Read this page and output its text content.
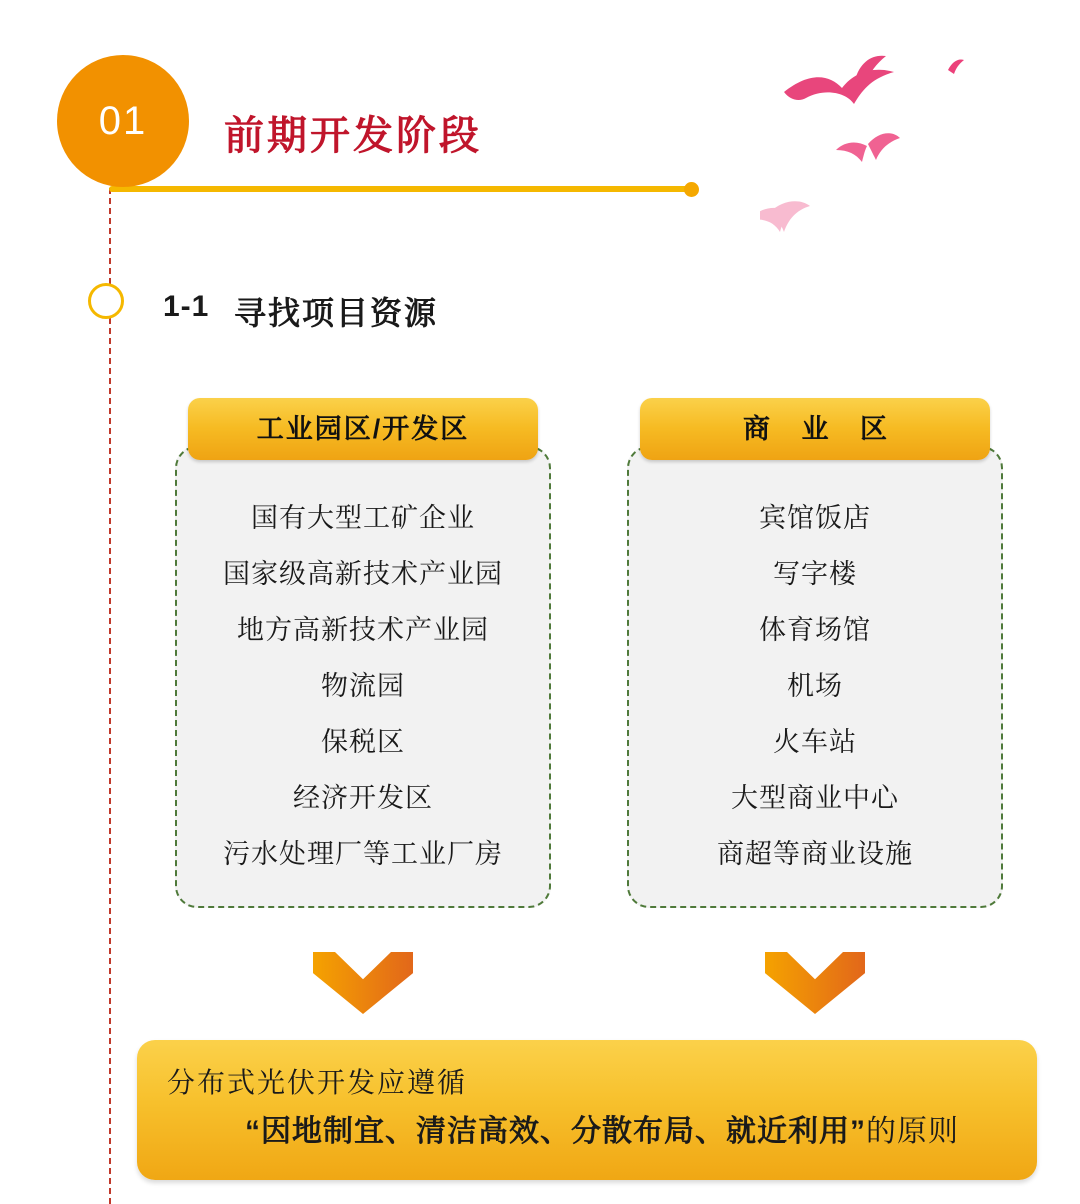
01	前期开发阶段
1-1 寻找项目资源
工业园区/开发区
国有大型工矿企业
国家级高新技术产业园
地方高新技术产业园
物流园
保税区
经济开发区
污水处理厂等工业厂房
商 业 区
宾馆饭店
写字楼
体育场馆
机场
火车站
大型商业中心
商超等商业设施
分布式光伏开发应遵循
“因地制宜、清洁高效、分散布局、就近利用”的原则
